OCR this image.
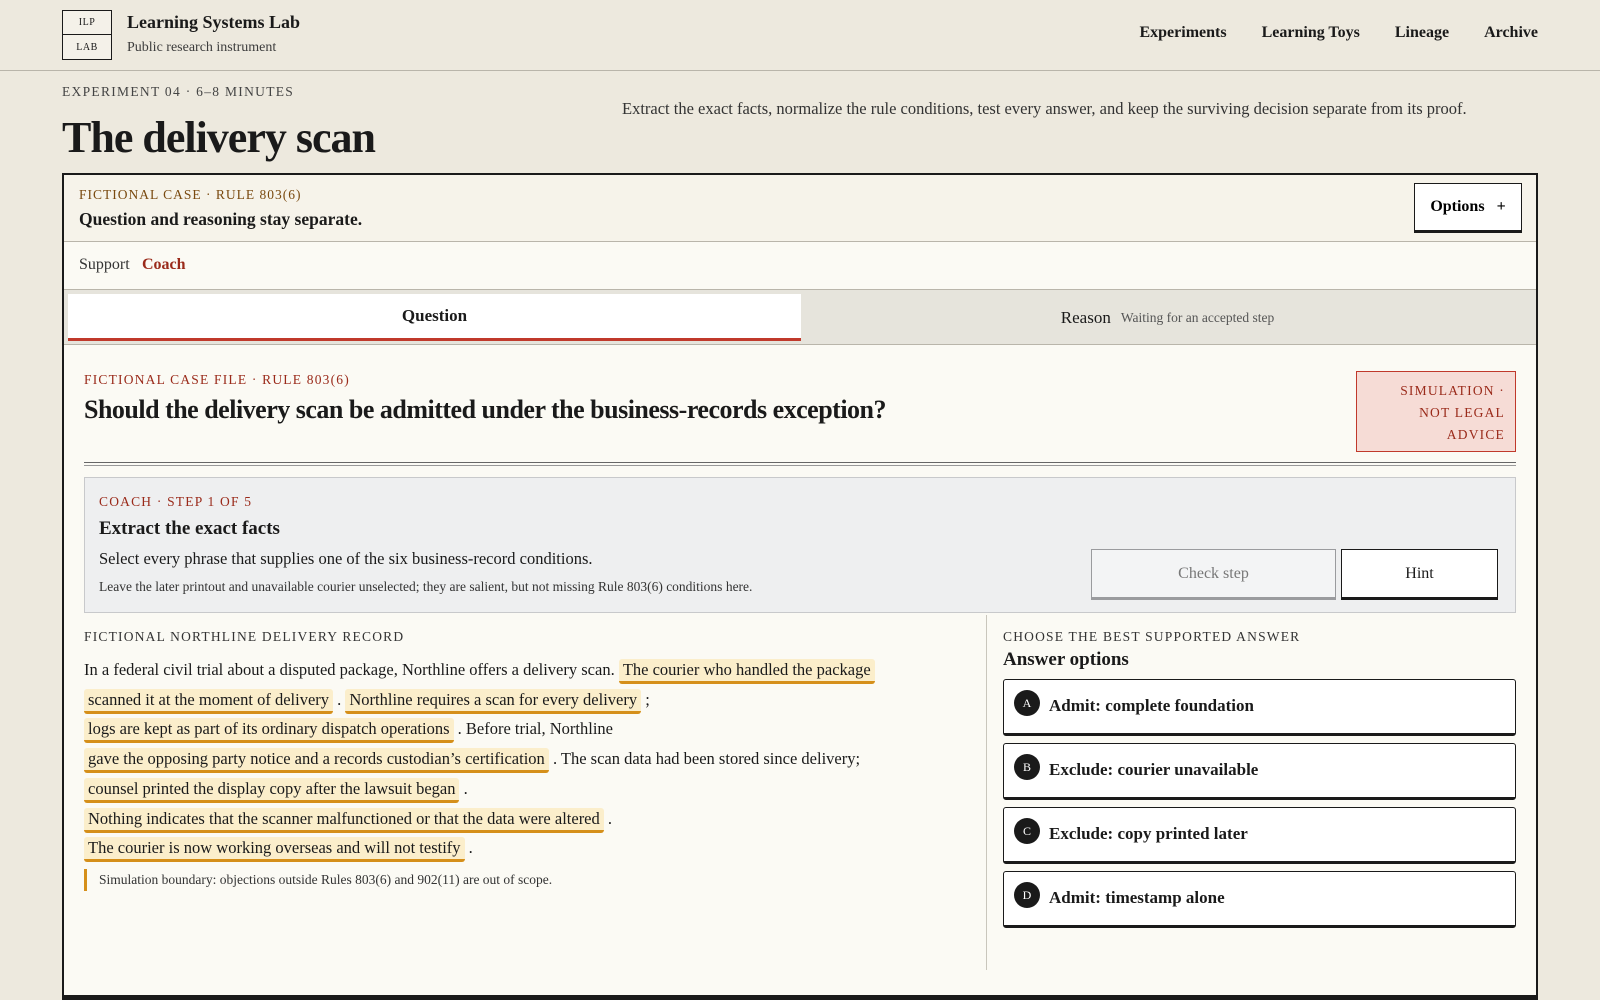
ILP
LAB
Learning Systems Lab
Public research instrument
Experiments Learning Toys Lineage Archive
EXPERIMENT 04 · 6–8 MINUTES
The delivery scan

Extract the exact facts, normalize the rule conditions, test every answer, and keep the surviving decision separate from its proof.

FICTIONAL CASE · RULE 803(6)
Question and reasoning stay separate.
Options +
Support Coach
Question	Reason Waiting for an accepted step
FICTIONAL CASE FILE · RULE 803(6)
Should the delivery scan be admitted under the business-records exception?
SIMULATION ·
NOT LEGAL
ADVICE
COACH · STEP 1 OF 5
Extract the exact facts
Select every phrase that supplies one of the six business-record conditions.
Leave the later printout and unavailable courier unselected; they are salient, but not missing Rule 803(6) conditions here.
Check step	Hint
FICTIONAL NORTHLINE DELIVERY RECORD
In a federal civil trial about a disputed package, Northline offers a delivery scan. The courier who handled the package
scanned it at the moment of delivery . Northline requires a scan for every delivery ;
logs are kept as part of its ordinary dispatch operations . Before trial, Northline
gave the opposing party notice and a records custodian’s certification . The scan data had been stored since delivery;
counsel printed the display copy after the lawsuit began .
Nothing indicates that the scanner malfunctioned or that the data were altered .
The courier is now working overseas and will not testify .
Simulation boundary: objections outside Rules 803(6) and 902(11) are out of scope.
CHOOSE THE BEST SUPPORTED ANSWER
Answer options
A	Admit: complete foundation
B	Exclude: courier unavailable
C	Exclude: copy printed later
D	Admit: timestamp alone
